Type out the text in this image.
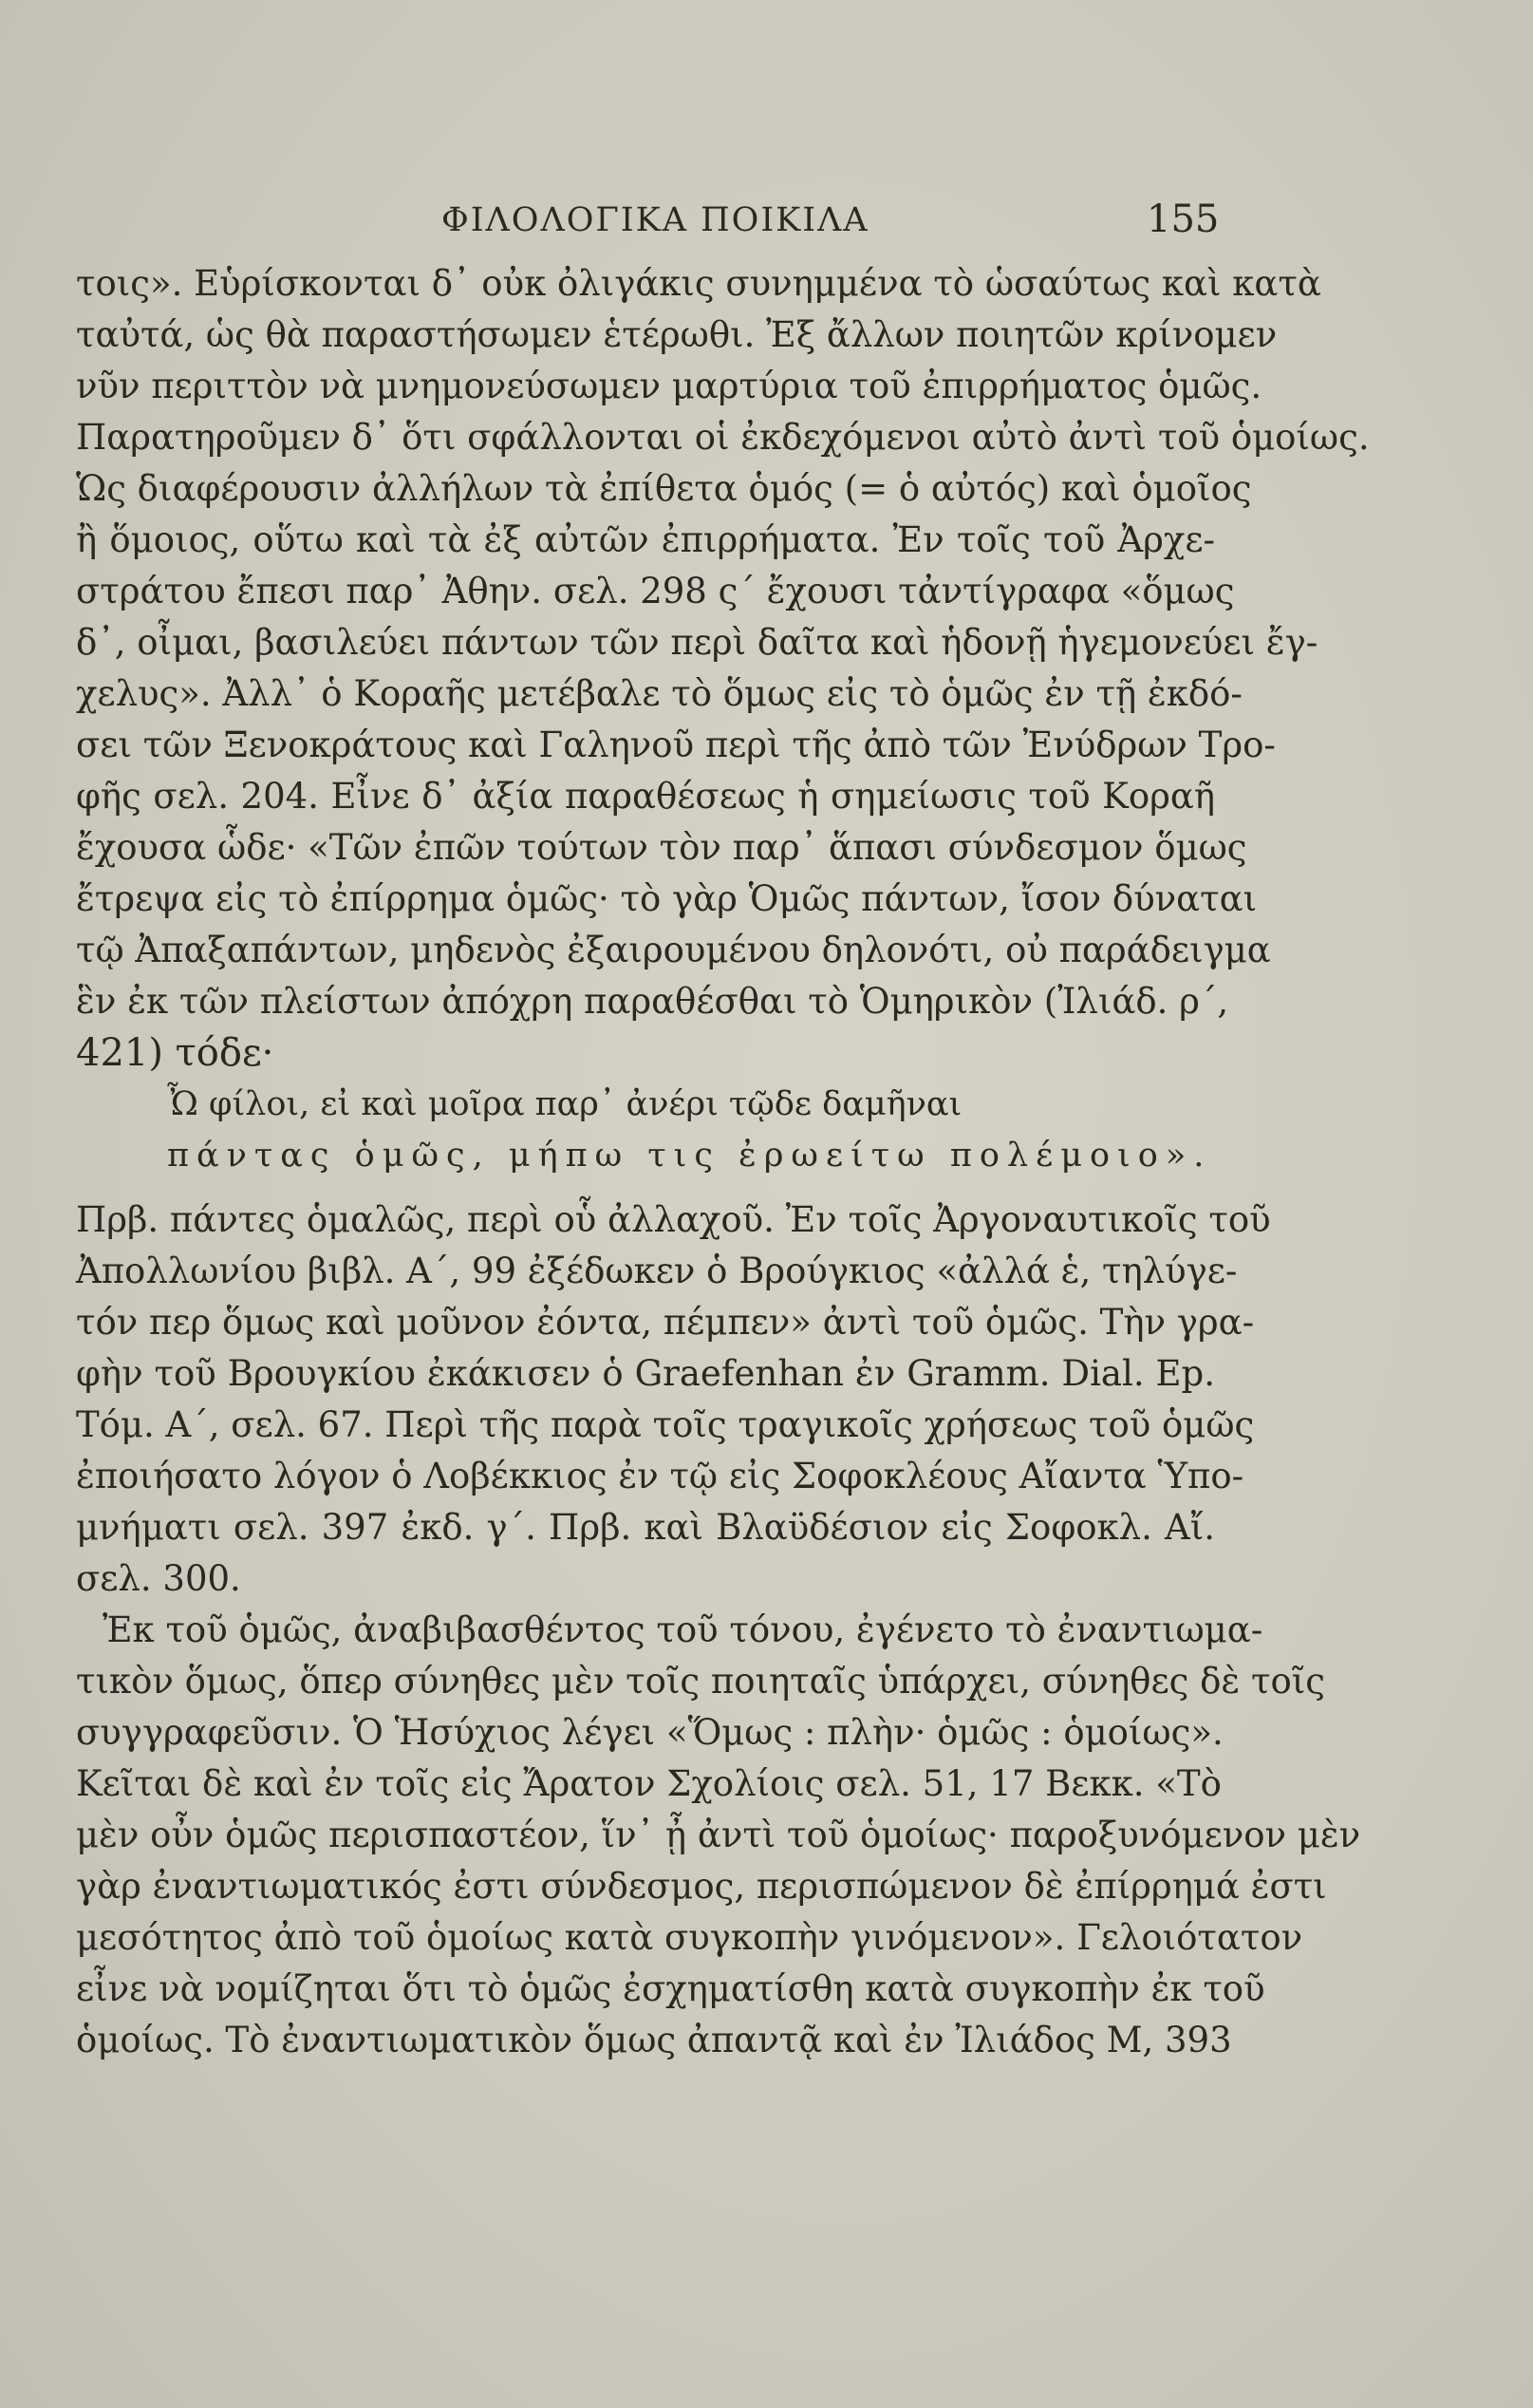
ΦΙΛΟΛΟΓΙΚΑ ΠΟΙΚΙΛΑ	155
τοις». Εὑρίσκονται δ᾽ οὐκ ὀλιγάκις συνημμένα τὸ ὡσαύτως καὶ κατὰ
ταὐτά, ὡς θὰ παραστήσωμεν ἑτέρωθι. Ἐξ ἄλλων ποιητῶν κρίνομεν
νῦν περιττὸν νὰ μνημονεύσωμεν μαρτύρια τοῦ ἐπιρρήματος ὁμῶς.
Παρατηροῦμεν δ᾽ ὅτι σφάλλονται οἱ ἐκδεχόμενοι αὐτὸ ἀντὶ τοῦ ὁμοίως.
Ὡς διαφέρουσιν ἀλλήλων τὰ ἐπίθετα ὁμός (= ὁ αὐτός) καὶ ὁμοῖος
ἢ ὅμοιος, οὕτω καὶ τὰ ἐξ αὐτῶν ἐπιρρήματα. Ἐν τοῖς τοῦ Ἀρχε-
στράτου ἔπεσι παρ᾽ Ἀθην. σελ. 298 ς´ ἔχουσι τἀντίγραφα «ὅμως
δ᾽, οἶμαι, βασιλεύει πάντων τῶν περὶ δαῖτα καὶ ἡδονῇ ἡγεμονεύει ἔγ-
χελυς». Ἀλλ᾽ ὁ Κοραῆς μετέβαλε τὸ ὅμως εἰς τὸ ὁμῶς ἐν τῇ ἐκδό-
σει τῶν Ξενοκράτους καὶ Γαληνοῦ περὶ τῆς ἀπὸ τῶν Ἐνύδρων Τρο-
φῆς σελ. 204. Εἶνε δ᾽ ἀξία παραθέσεως ἡ σημείωσις τοῦ Κοραῆ
ἔχουσα ὧδε· «Τῶν ἐπῶν τούτων τὸν παρ᾽ ἅπασι σύνδεσμον ὅμως
ἔτρεψα εἰς τὸ ἐπίρρημα ὁμῶς· τὸ γὰρ Ὁμῶς πάντων, ἴσον δύναται
τῷ Ἀπαξαπάντων, μηδενὸς ἐξαιρουμένου δηλονότι, οὐ παράδειγμα
ἓν ἐκ τῶν πλείστων ἀπόχρη παραθέσθαι τὸ Ὁμηρικὸν (Ἰλιάδ. ρ´,
421) τόδε·
Ὦ φίλοι, εἰ καὶ μοῖρα παρ᾽ ἀνέρι τῷδε δαμῆναι
πάντας ὁμῶς, μήπω τις ἐρωείτω πολέμοιο».
Πρβ. πάντες ὁμαλῶς, περὶ οὗ ἀλλαχοῦ. Ἐν τοῖς Ἀργοναυτικοῖς τοῦ
Ἀπολλωνίου βιβλ. Α´, 99 ἐξέδωκεν ὁ Βρούγκιος «ἀλλά ἑ, τηλύγε-
τόν περ ὅμως καὶ μοῦνον ἐόντα, πέμπεν» ἀντὶ τοῦ ὁμῶς. Τὴν γρα-
φὴν τοῦ Βρουγκίου ἐκάκισεν ὁ Graefenhan ἐν Gramm. Dial. Ep.
Τόμ. Α´, σελ. 67. Περὶ τῆς παρὰ τοῖς τραγικοῖς χρήσεως τοῦ ὁμῶς
ἐποιήσατο λόγον ὁ Λοβέκκιος ἐν τῷ εἰς Σοφοκλέους Αἴαντα Ὑπο-
μνήματι σελ. 397 ἐκδ. γ´. Πρβ. καὶ Βλαϋδέσιον εἰς Σοφοκλ. Αἴ.
σελ. 300.
Ἐκ τοῦ ὁμῶς, ἀναβιβασθέντος τοῦ τόνου, ἐγένετο τὸ ἐναντιωμα-
τικὸν ὅμως, ὅπερ σύνηθες μὲν τοῖς ποιηταῖς ὑπάρχει, σύνηθες δὲ τοῖς
συγγραφεῦσιν. Ὁ Ἡσύχιος λέγει «Ὅμως : πλὴν· ὁμῶς : ὁμοίως».
Κεῖται δὲ καὶ ἐν τοῖς εἰς Ἄρατον Σχολίοις σελ. 51, 17 Βεκκ. «Τὸ
μὲν οὖν ὁμῶς περισπαστέον, ἵν᾽ ᾖ ἀντὶ τοῦ ὁμοίως· παροξυνόμενον μὲν
γὰρ ἐναντιωματικός ἐστι σύνδεσμος, περισπώμενον δὲ ἐπίρρημά ἐστι
μεσότητος ἀπὸ τοῦ ὁμοίως κατὰ συγκοπὴν γινόμενον». Γελοιότατον
εἶνε νὰ νομίζηται ὅτι τὸ ὁμῶς ἐσχηματίσθη κατὰ συγκοπὴν ἐκ τοῦ
ὁμοίως. Τὸ ἐναντιωματικὸν ὅμως ἀπαντᾷ καὶ ἐν Ἰλιάδος Μ, 393
